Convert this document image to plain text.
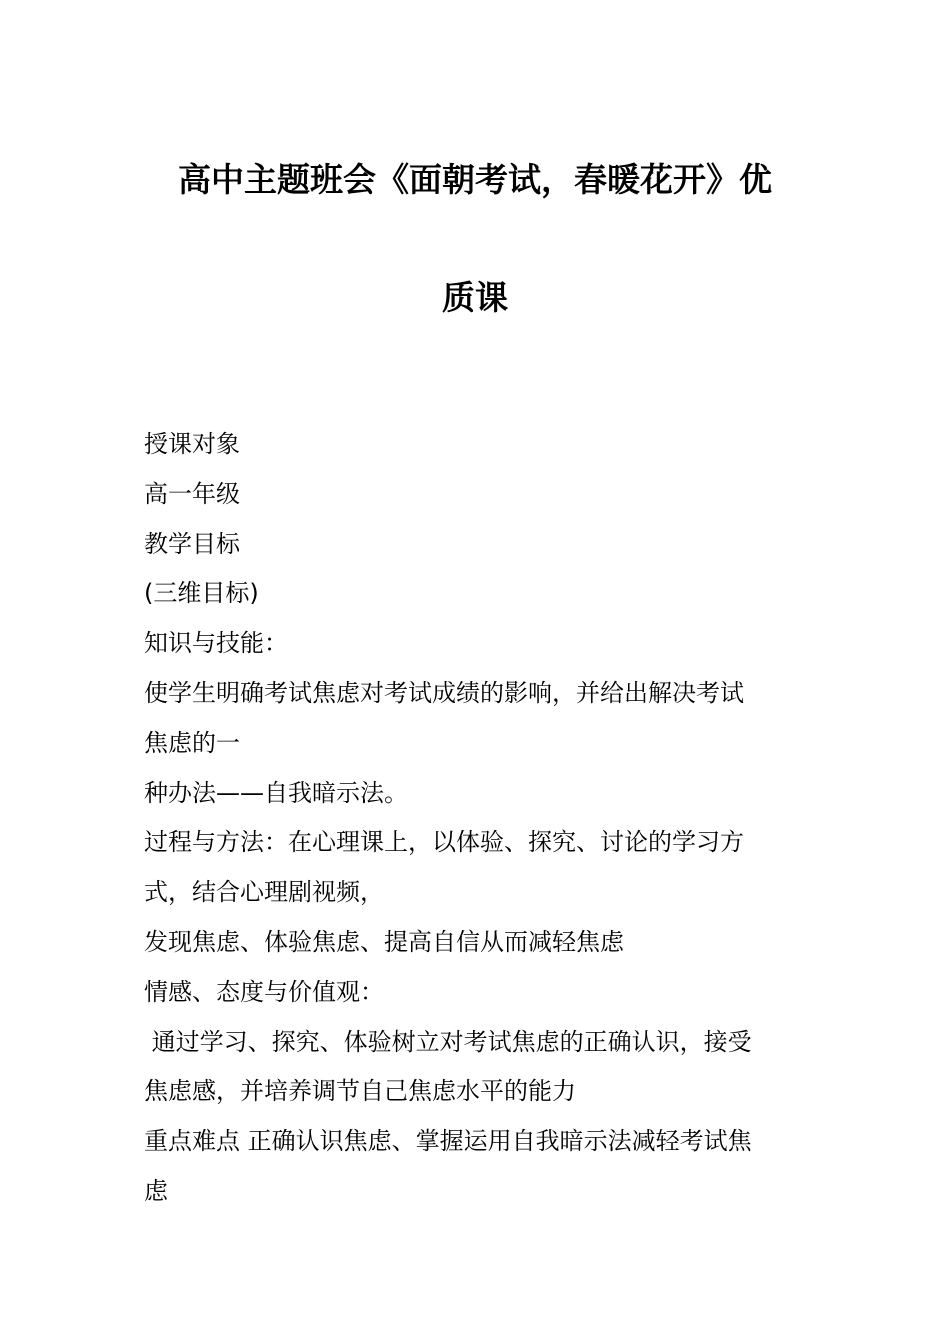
高中主题班会《面朝考试，春暖花开》优
质课
授课对象
高一年级
教学目标
(三维目标)
知识与技能：
使学生明确考试焦虑对考试成绩的影响，并给出解决考试
焦虑的一
种办法——自我暗示法。
过程与方法：在心理课上，以体验、探究、讨论的学习方
式，结合心理剧视频，
发现焦虑、体验焦虑、提高自信从而减轻焦虑
情感、态度与价值观：
通过学习、探究、体验树立对考试焦虑的正确认识，接受
焦虑感，并培养调节自己焦虑水平的能力
重点难点 正确认识焦虑、掌握运用自我暗示法减轻考试焦
虑
